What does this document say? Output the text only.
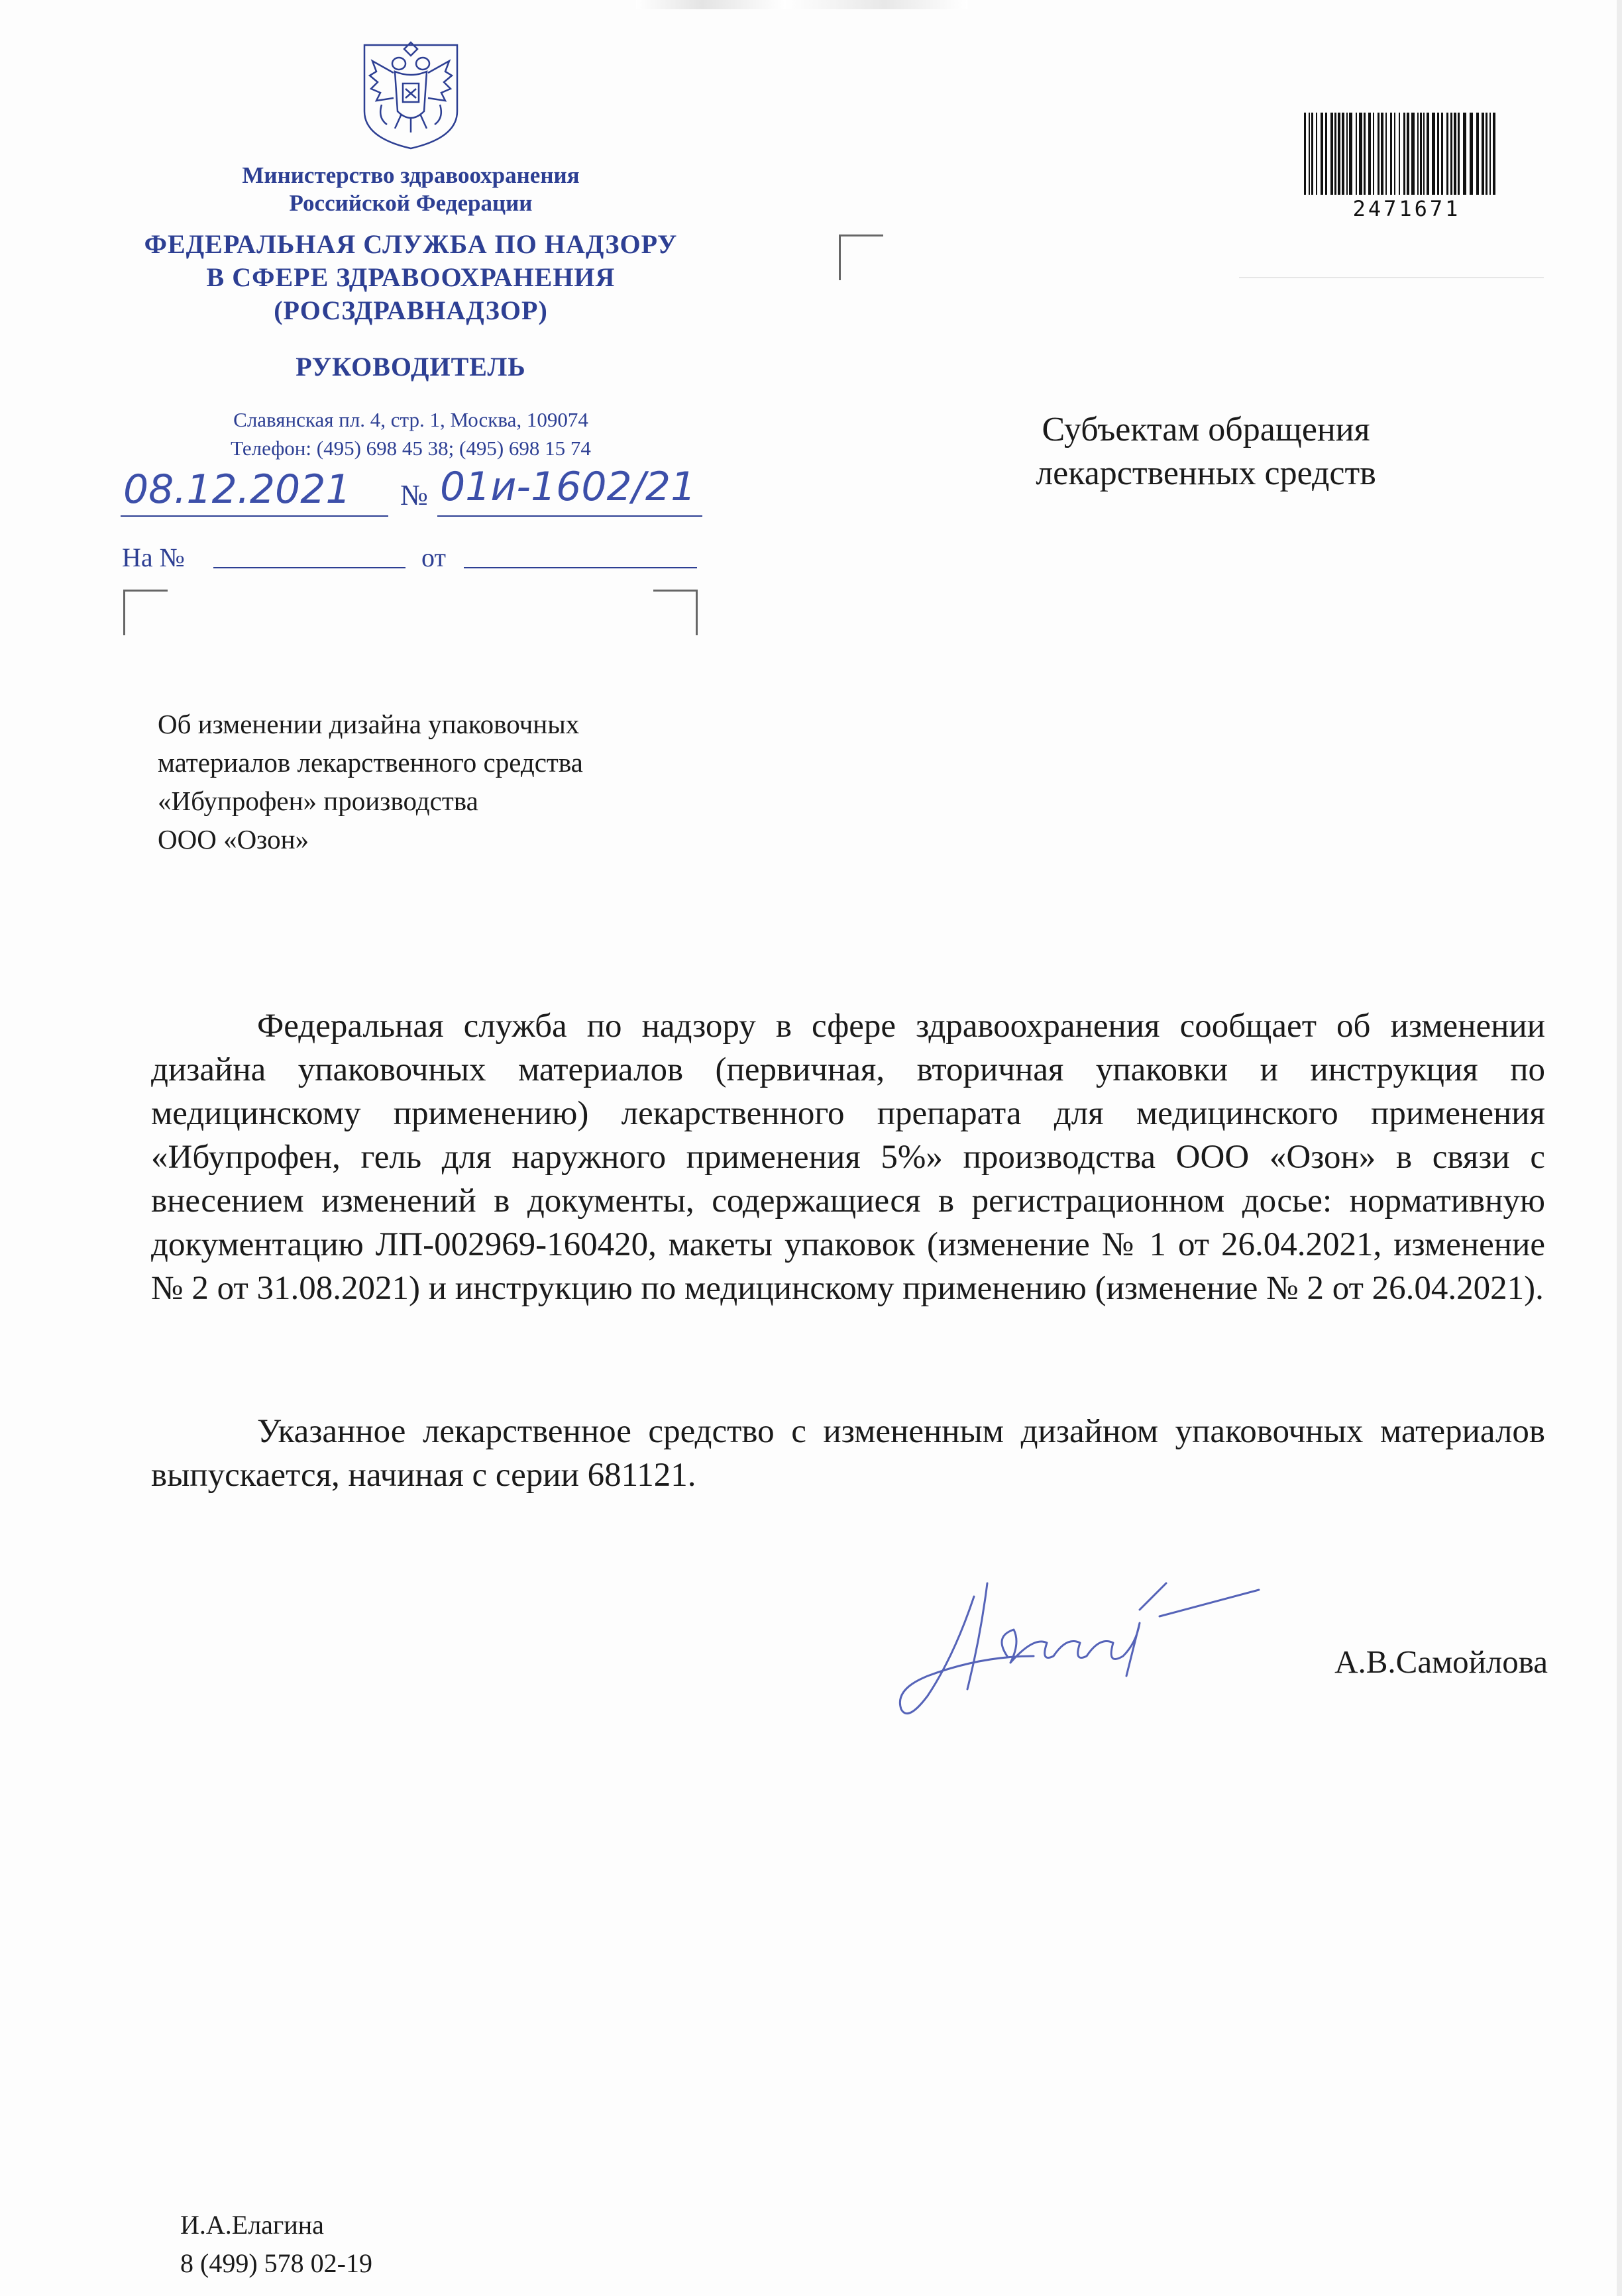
Министерство здравоохранения
Российской Федерации
ФЕДЕРАЛЬНАЯ СЛУЖБА ПО НАДЗОРУ
В СФЕРЕ ЗДРАВООХРАНЕНИЯ
(РОСЗДРАВНАДЗОР)
РУКОВОДИТЕЛЬ
Славянская пл. 4, стр. 1, Москва, 109074
Телефон: (495) 698 45 38; (495) 698 15 74
08.12.2021 № 01и-1602/21
На №	от
2471671
Субъектам обращения
лекарственных средств
Об изменении дизайна упаковочных
материалов лекарственного средства
«Ибупрофен» производства
ООО «Озон»
Федеральная служба по надзору в сфере здравоохранения сообщает об изменении дизайна упаковочных материалов (первичная, вторичная упаковки и инструкция по медицинскому применению) лекарственного препарата для медицинского применения «Ибупрофен, гель для наружного применения 5%» производства ООО «Озон» в связи с внесением изменений в документы, содержащиеся в регистрационном досье: нормативную документацию ЛП-002969-160420, макеты упаковок (изменение № 1 от 26.04.2021, изменение № 2 от 31.08.2021) и инструкцию по медицинскому применению (изменение № 2 от 26.04.2021).
Указанное лекарственное средство с измененным дизайном упаковочных материалов выпускается, начиная с серии 681121.
А.В.Самойлова
И.А.Елагина
8 (499) 578 02-19
